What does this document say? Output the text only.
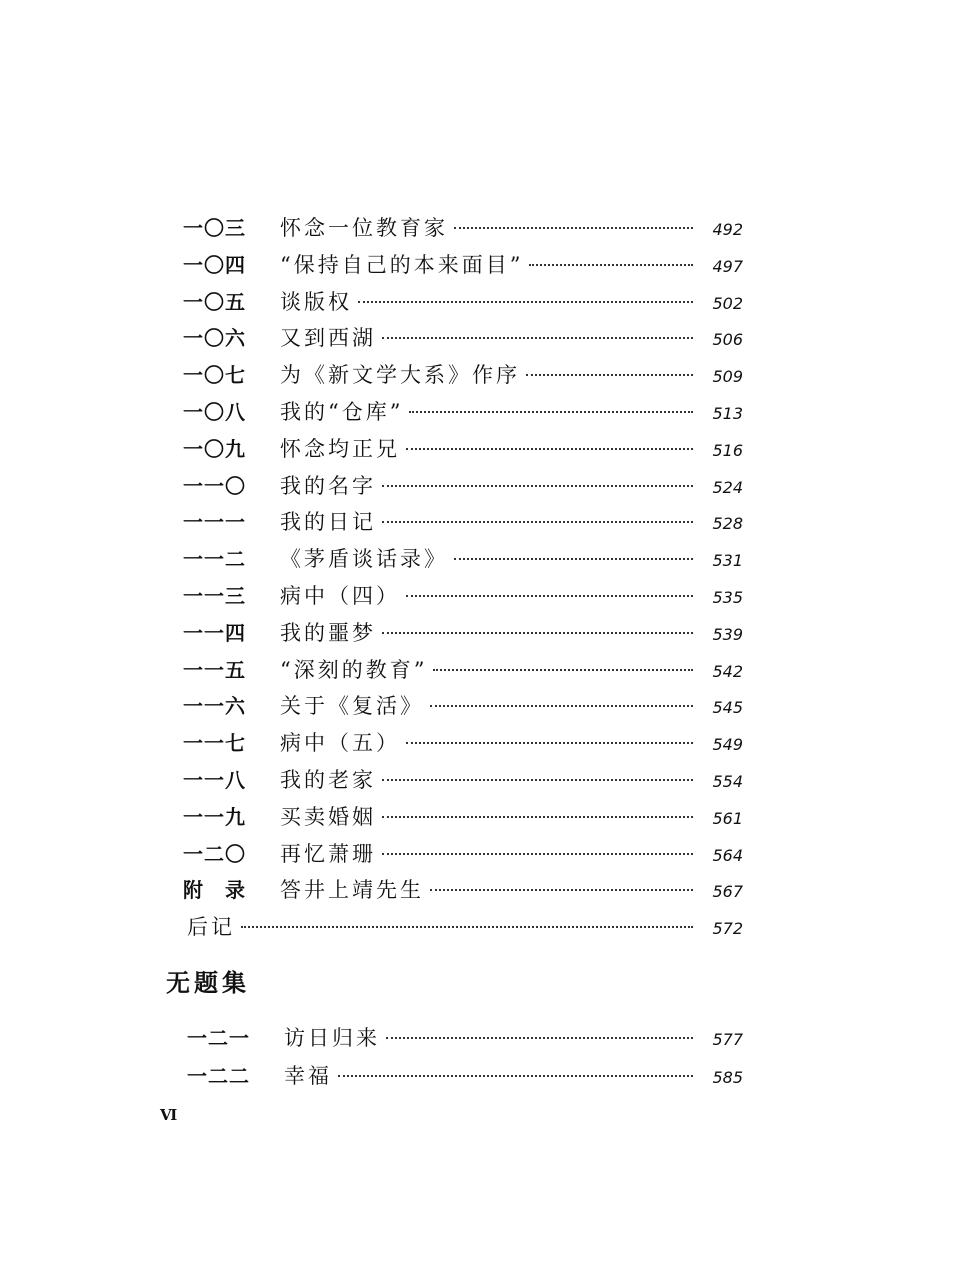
一〇三	怀念一位教育家	492
一〇四	“保持自己的本来面目”	497
一〇五	谈版权	502
一〇六	又到西湖	506
一〇七	为《新文学大系》作序	509
一〇八	我的“仓库”	513
一〇九	怀念均正兄	516
一一〇	我的名字	524
一一一	我的日记	528
一一二	《茅盾谈话录》	531
一一三	病中（四）	535
一一四	我的噩梦	539
一一五	“深刻的教育”	542
一一六	关于《复活》	545
一一七	病中（五）	549
一一八	我的老家	554
一一九	买卖婚姻	561
一二〇	再忆萧珊	564
附　录	答井上靖先生	567
后记	572
无题集
一二一	访日归来	577
一二二	幸福	585
Ⅵ
